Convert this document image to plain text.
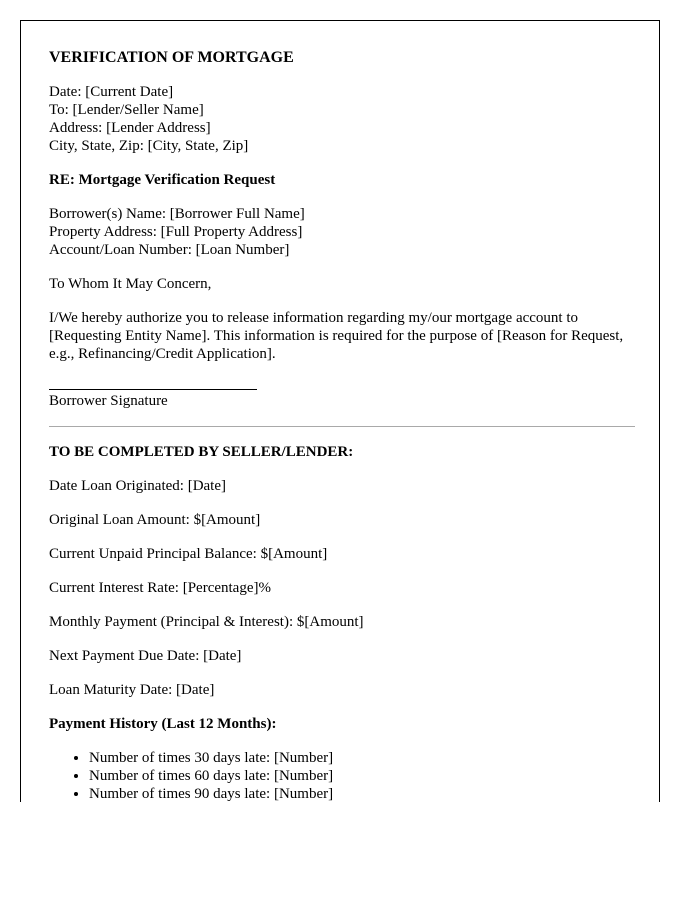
VERIFICATION OF MORTGAGE
Date: [Current Date]
To: [Lender/Seller Name]
Address: [Lender Address]
City, State, Zip: [City, State, Zip]

RE: Mortgage Verification Request

Borrower(s) Name: [Borrower Full Name]
Property Address: [Full Property Address]
Account/Loan Number: [Loan Number]

To Whom It May Concern,

I/We hereby authorize you to release information regarding my/our mortgage account to [Requesting Entity Name]. This information is required for the purpose of [Reason for Request, e.g., Refinancing/Credit Application].

Borrower Signature

TO BE COMPLETED BY SELLER/LENDER:

Date Loan Originated: [Date]

Original Loan Amount: $[Amount]

Current Unpaid Principal Balance: $[Amount]

Current Interest Rate: [Percentage]%

Monthly Payment (Principal & Interest): $[Amount]

Next Payment Due Date: [Date]

Loan Maturity Date: [Date]

Payment History (Last 12 Months):

• Number of times 30 days late: [Number]
• Number of times 60 days late: [Number]
• Number of times 90 days late: [Number]
